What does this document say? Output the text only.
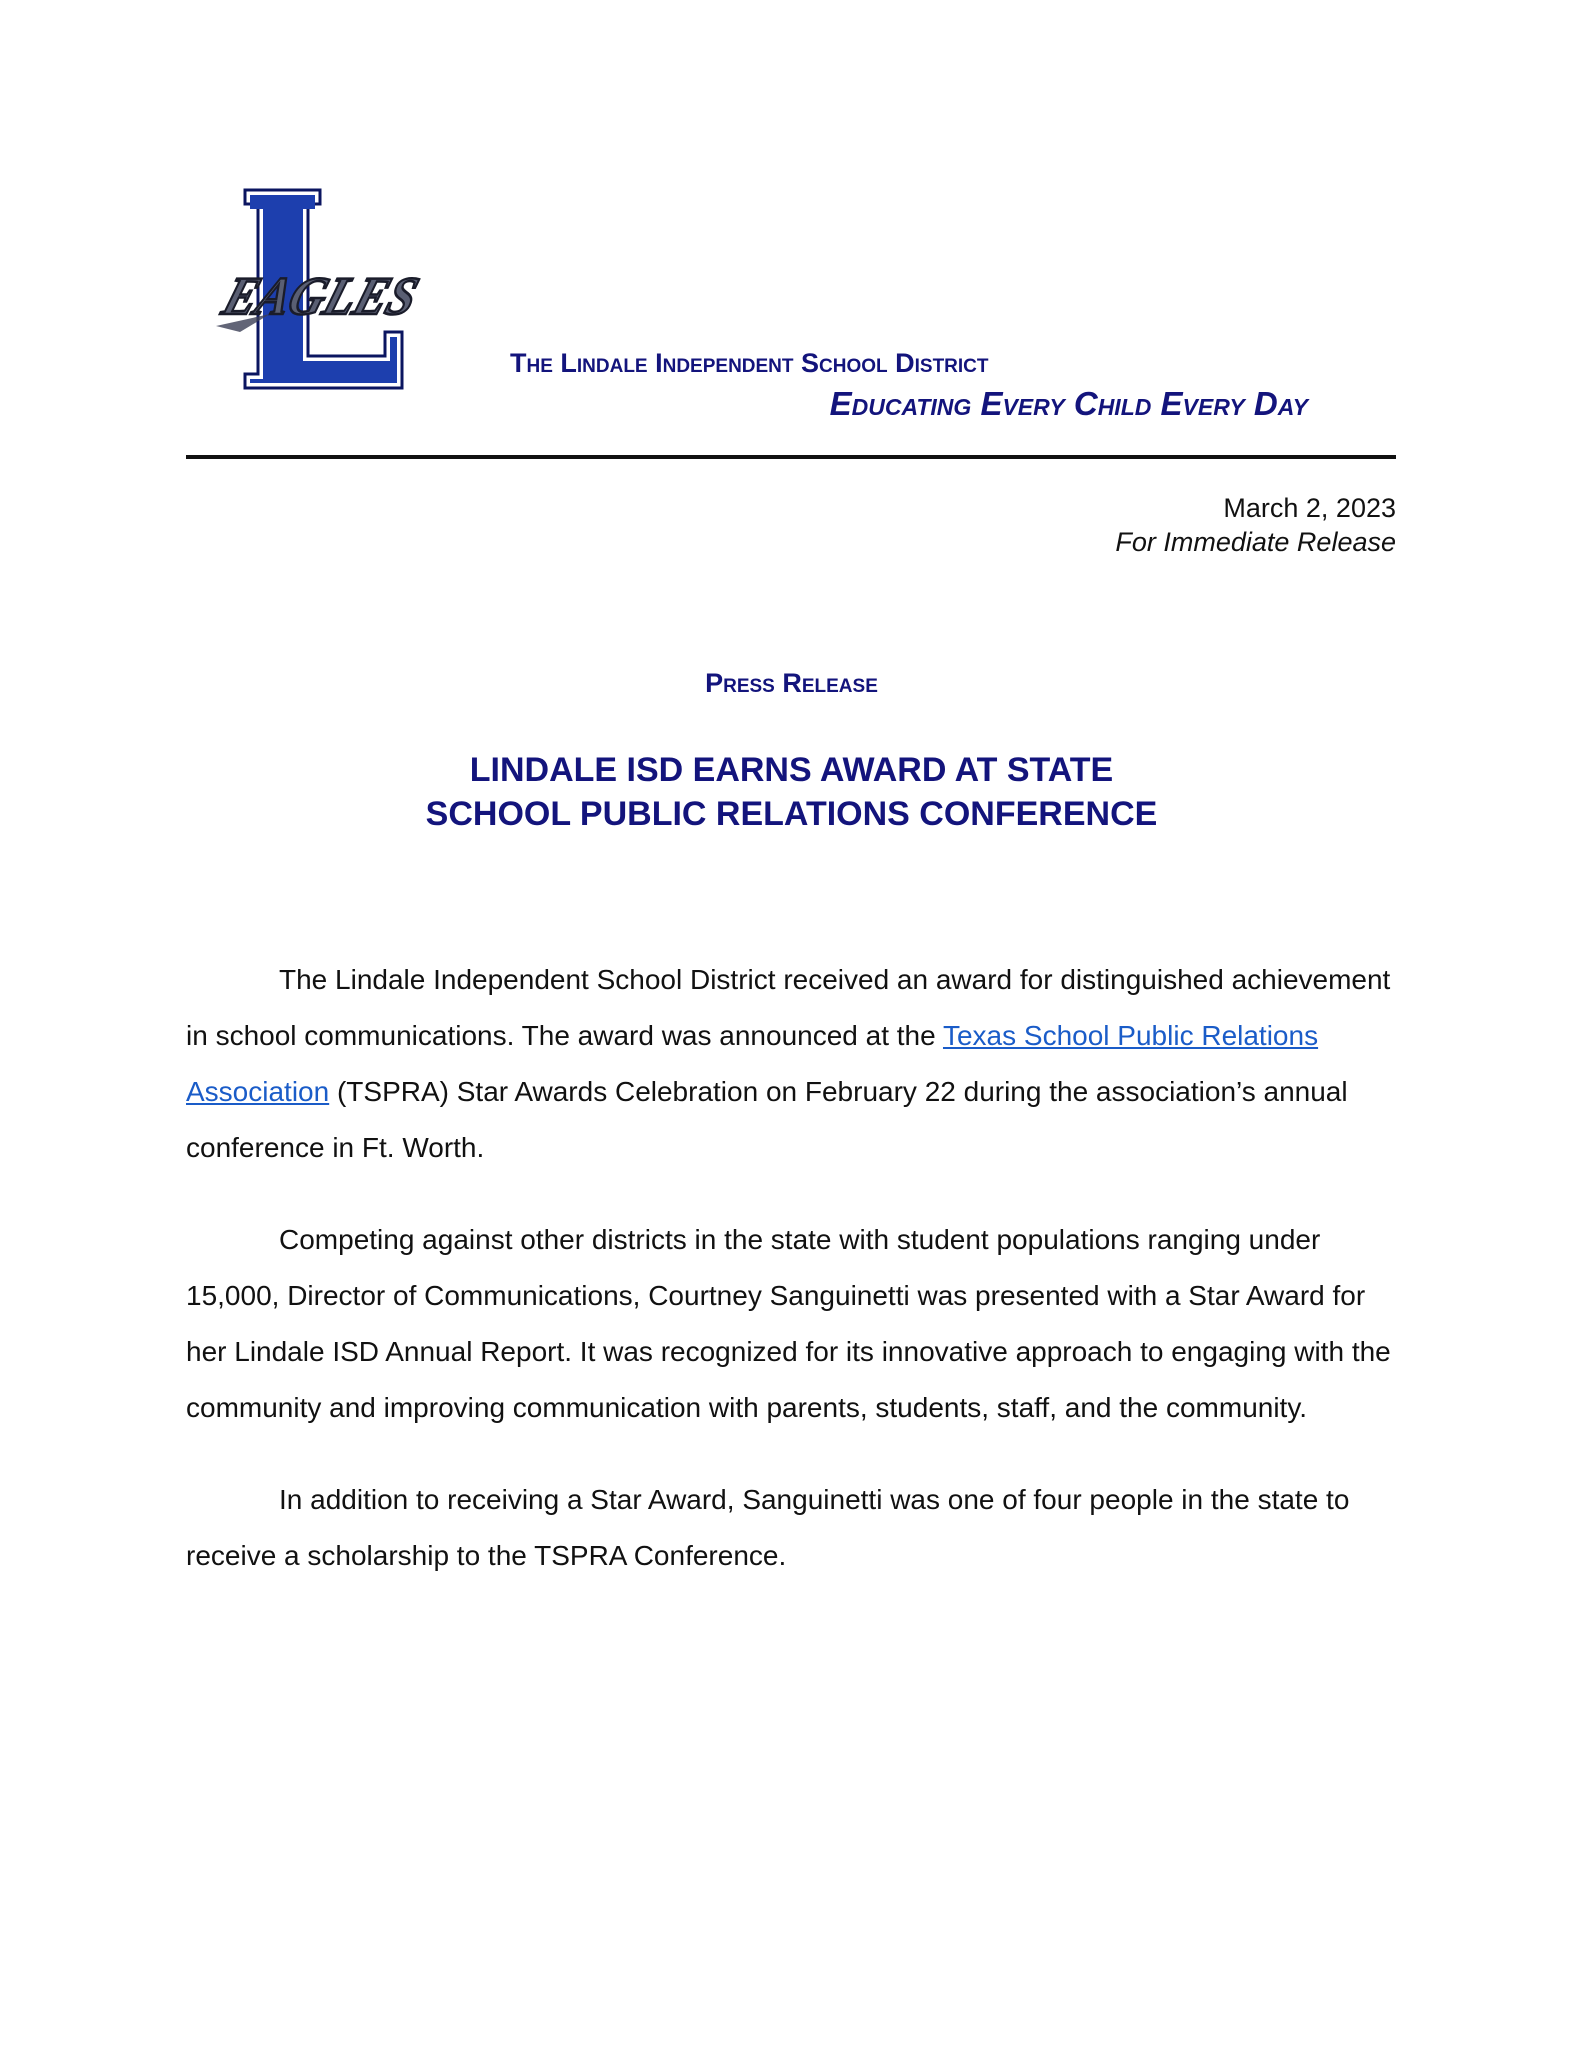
EAGLES
The Lindale Independent School District
Educating Every Child Every Day
March 2, 2023
For Immediate Release
Press Release
LINDALE ISD EARNS AWARD AT STATE
SCHOOL PUBLIC RELATIONS CONFERENCE

The Lindale Independent School District received an award for distinguished achievement in school communications. The award was announced at the Texas School Public Relations Association (TSPRA) Star Awards Celebration on February 22 during the association’s annual conference in Ft. Worth.

Competing against other districts in the state with student populations ranging under 15,000, Director of Communications, Courtney Sanguinetti was presented with a Star Award for her Lindale ISD Annual Report. It was recognized for its innovative approach to engaging with the community and improving communication with parents, students, staff, and the community.

In addition to receiving a Star Award, Sanguinetti was one of four people in the state to receive a scholarship to the TSPRA Conference.
